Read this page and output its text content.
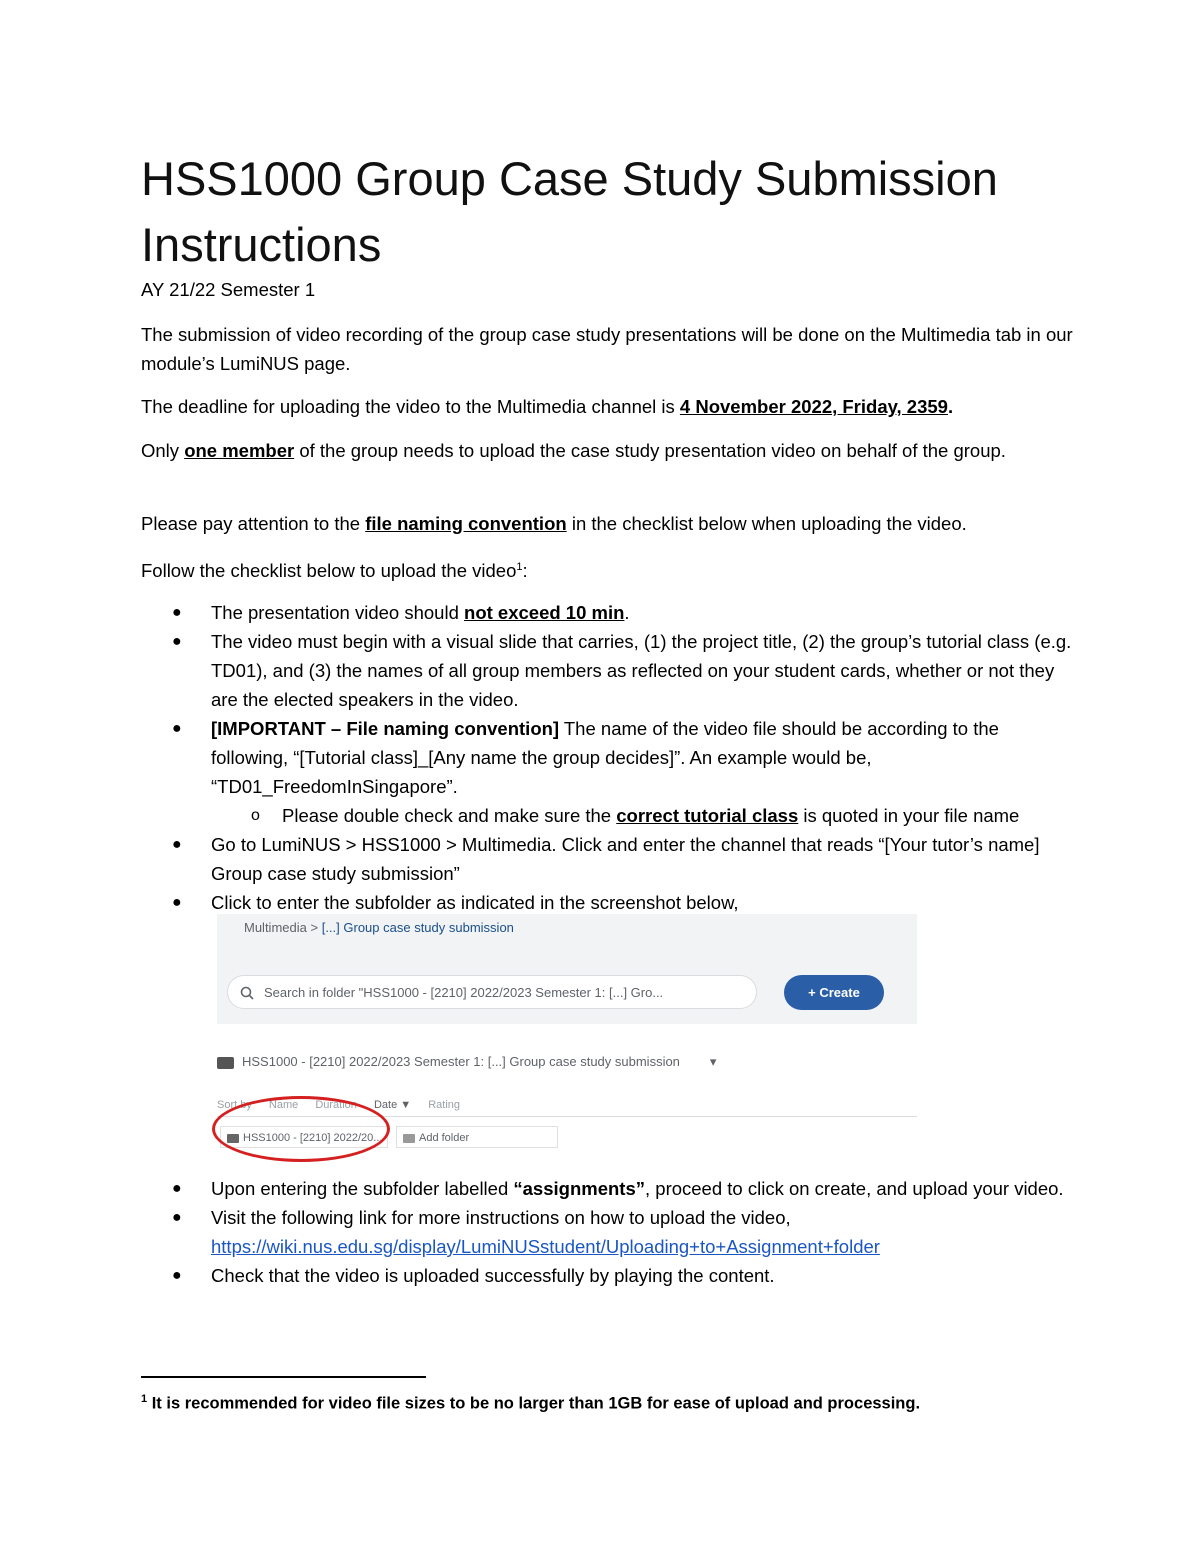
HSS1000 Group Case Study Submission Instructions

AY 21/22 Semester 1

The submission of video recording of the group case study presentations will be done on the Multimedia tab in our module’s LumiNUS page.

The deadline for uploading the video to the Multimedia channel is 4 November 2022, Friday, 2359.

Only one member of the group needs to upload the case study presentation video on behalf of the group.

Please pay attention to the file naming convention in the checklist below when uploading the video.

Follow the checklist below to upload the video$^1$:

● The presentation video should not exceed 10 min.
● The video must begin with a visual slide that carries, (1) the project title, (2) the group’s tutorial class (e.g. TD01), and (3) the names of all group members as reflected on your student cards, whether or not they are the elected speakers in the video.
● [IMPORTANT – File naming convention] The name of the video file should be according to the following, “[Tutorial class]_[Any name the group decides]”. An example would be, “TD01_FreedomInSingapore”.
o Please double check and make sure the correct tutorial class is quoted in your file name
● Go to LumiNUS > HSS1000 > Multimedia. Click and enter the channel that reads “[Your tutor’s name] Group case study submission”
● Click to enter the subfolder as indicated in the screenshot below,
Multimedia > [...] Group case study submission
Search in folder "HSS1000 - [2210] 2022/2023 Semester 1: [...] Gro...	+ Create
HSS1000 - [2210] 2022/2023 Semester 1: [...] Group case study submission ▾
Sort by Name Duration Date ▼ Rating
HSS1000 - [2210] 2022/20...	Add folder
● Upon entering the subfolder labelled “assignments”, proceed to click on create, and upload your video.
● Visit the following link for more instructions on how to upload the video,
https://wiki.nus.edu.sg/display/LumiNUSstudent/Uploading+to+Assignment+folder
● Check that the video is uploaded successfully by playing the content.
$^1$ It is recommended for video file sizes to be no larger than 1GB for ease of upload and processing.
